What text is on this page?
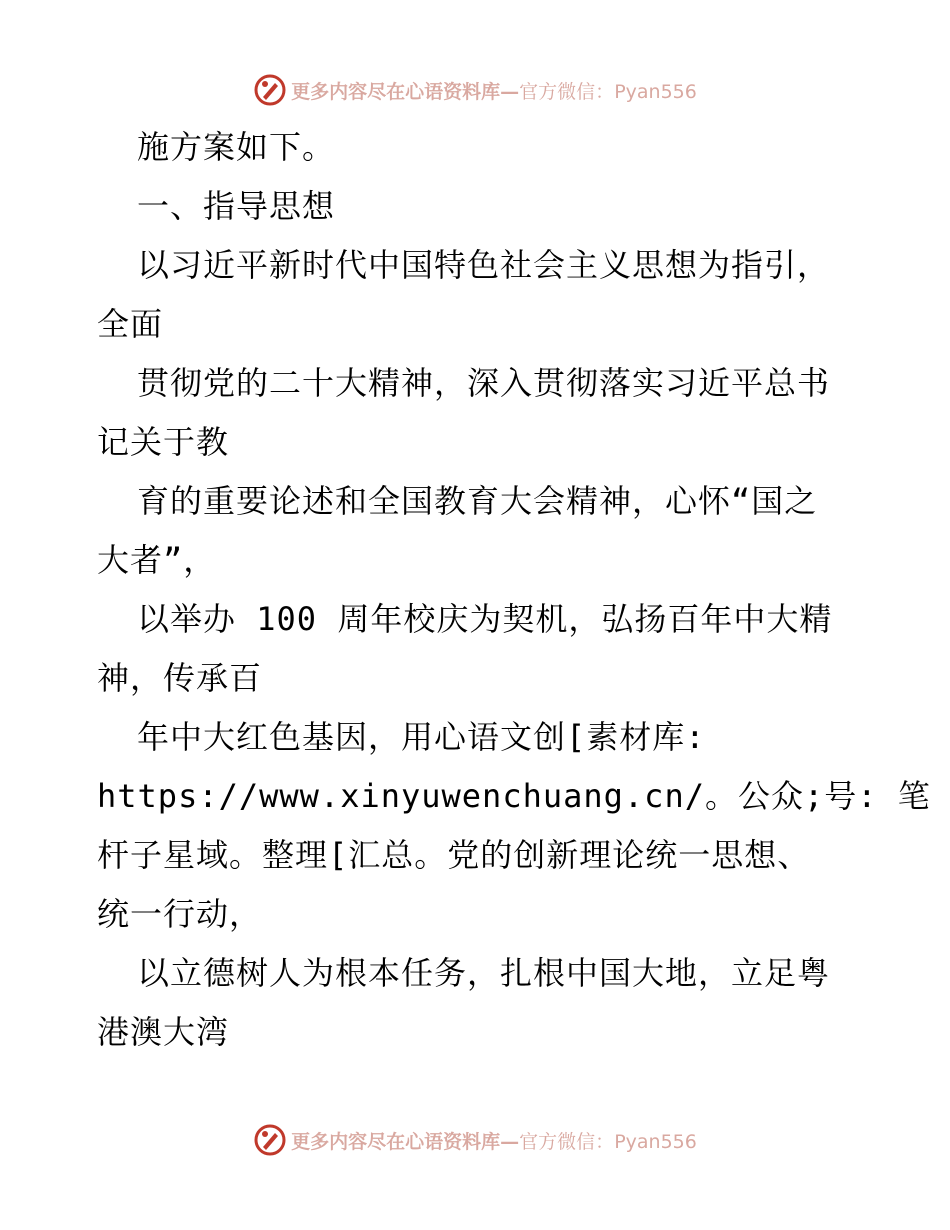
更多内容尽在心语资料库—官方微信：Pyan556
施方案如下。
一、指导思想
以习近平新时代中国特色社会主义思想为指引，
全面
贯彻党的二十大精神，深入贯彻落实习近平总书
记关于教
育的重要论述和全国教育大会精神，心怀“国之
大者”，
以举办 100 周年校庆为契机，弘扬百年中大精
神，传承百
年中大红色基因，用心语文创[素材库:
https://www.xinyuwenchuang.cn/。公众;号: 笔
杆子星域。整理[汇总。党的创新理论统一思想、
统一行动，
以立德树人为根本任务，扎根中国大地，立足粤
港澳大湾
更多内容尽在心语资料库—官方微信：Pyan556
